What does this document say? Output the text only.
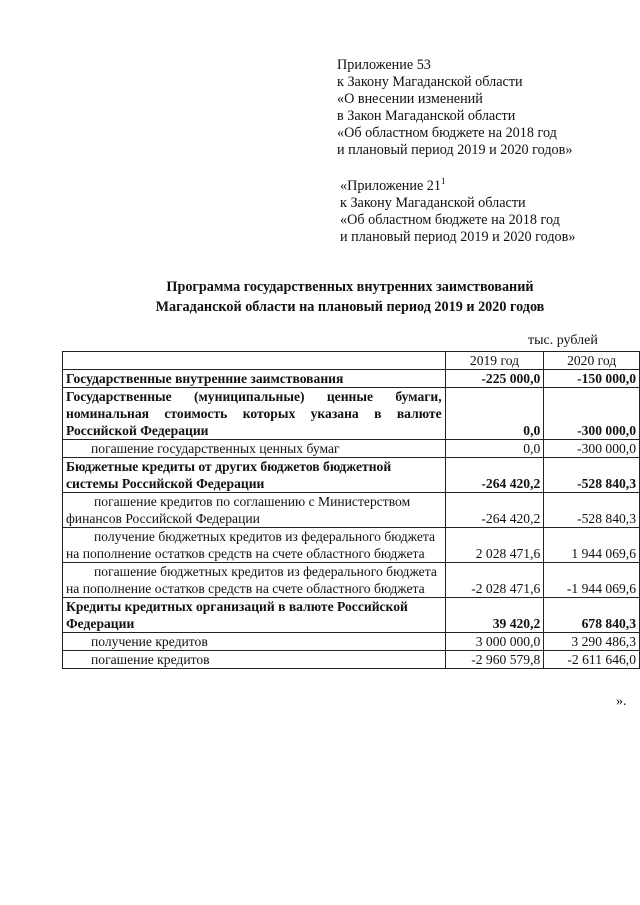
Приложение 53
к Закону Магаданской области
«О внесении изменений
в Закон Магаданской области
«Об областном бюджете на 2018 год
и плановый период 2019 и 2020 годов»
«Приложение $21^1$
к Закону Магаданской области
«Об областном бюджете на 2018 год
и плановый период 2019 и 2020 годов»
Программа государственных внутренних заимствований
Магаданской области на плановый период 2019 и 2020 годов
тыс. рублей
	2019 год	2020 год
Государственные внутренние заимствования	-225 000,0	-150 000,0
Государственные (муниципальные) ценные бумаги, номинальная стоимость которых указана в валюте Российской Федерации	0,0	-300 000,0
погашение государственных ценных бумаг	0,0	-300 000,0
Бюджетные кредиты от других бюджетов бюджетной системы Российской Федерации	-264 420,2	-528 840,3
погашение кредитов по соглашению с Министерством финансов Российской Федерации	-264 420,2	-528 840,3
получение бюджетных кредитов из федерального бюджета на пополнение остатков средств на счете областного бюджета	2 028 471,6	1 944 069,6
погашение бюджетных кредитов из федерального бюджета на пополнение остатков средств на счете областного бюджета	-2 028 471,6	-1 944 069,6
Кредиты кредитных организаций в валюте Российской Федерации	39 420,2	678 840,3
получение кредитов	3 000 000,0	3 290 486,3
погашение кредитов	-2 960 579,8	-2 611 646,0
».
